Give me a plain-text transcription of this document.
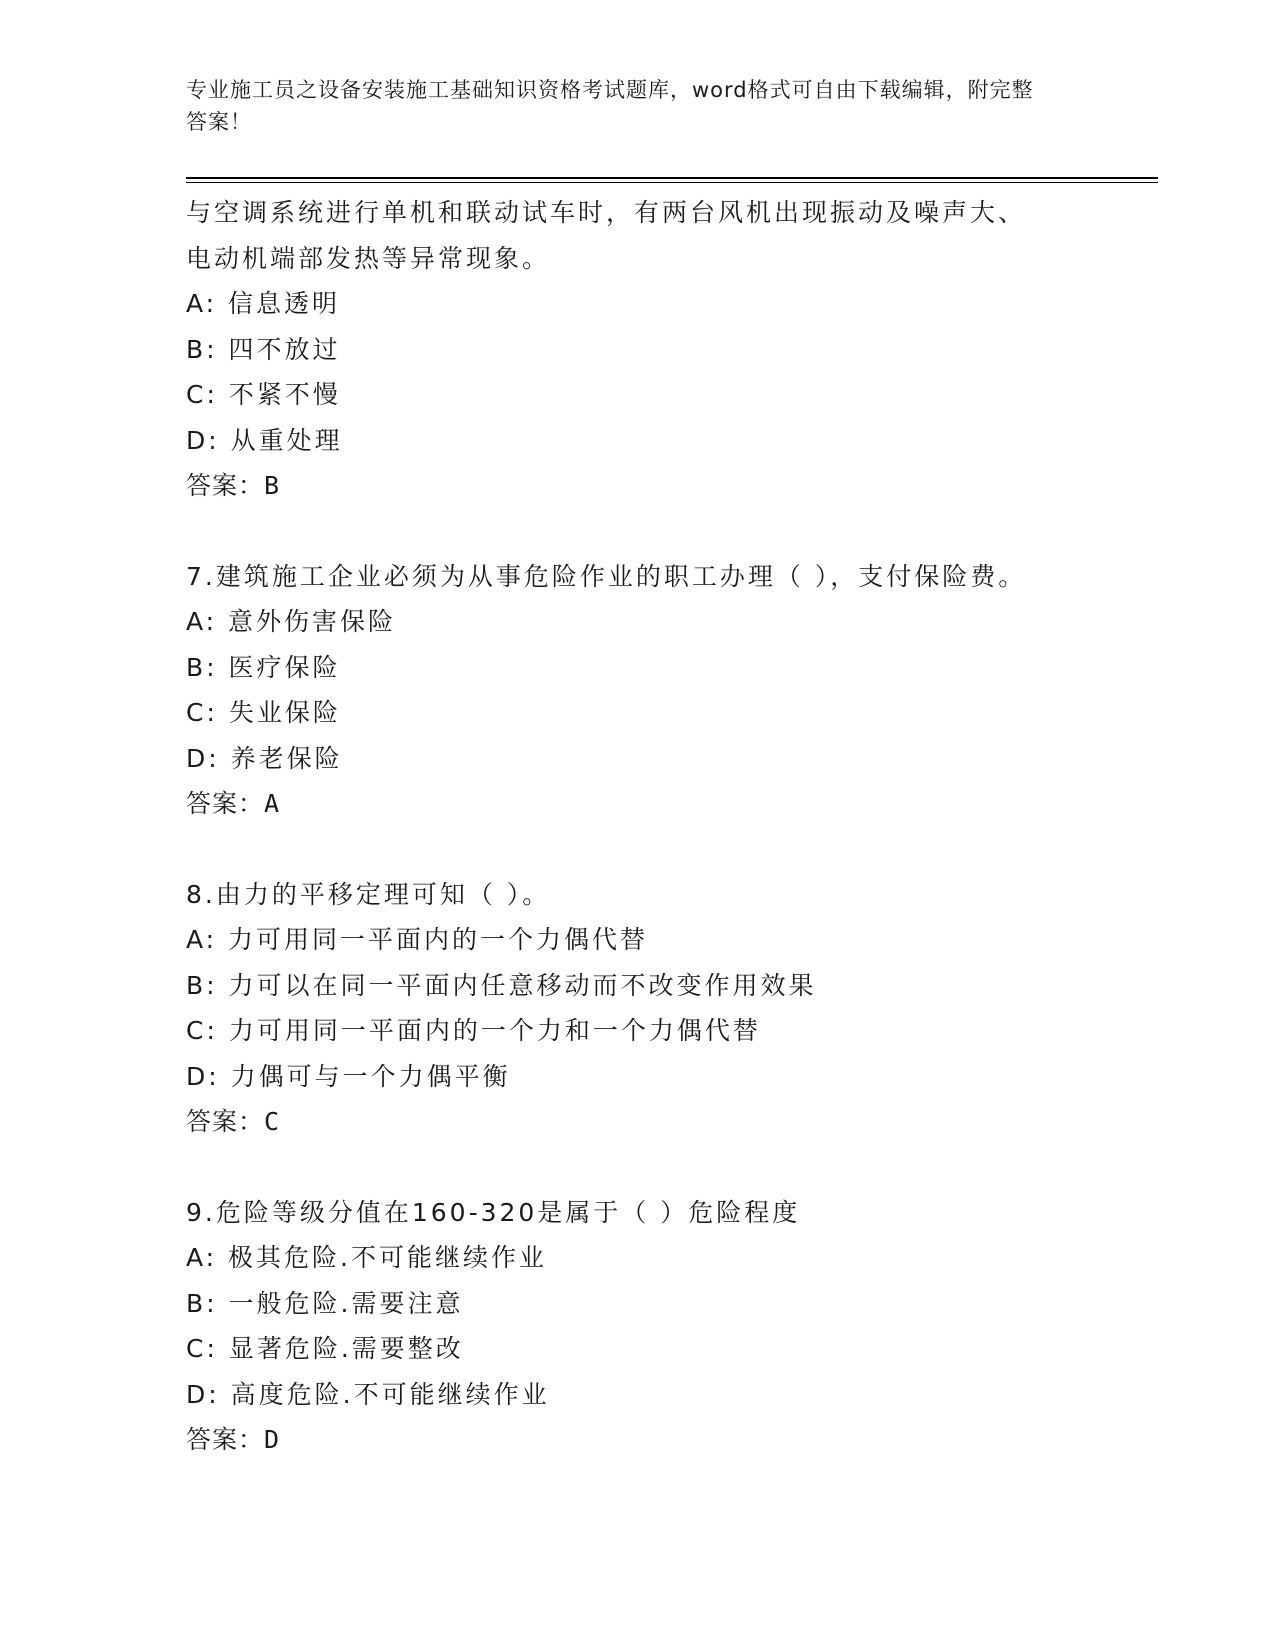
专业施工员之设备安装施工基础知识资格考试题库，word格式可自由下载编辑，附完整答案！
与空调系统进行单机和联动试车时，有两台风机出现振动及噪声大、
电动机端部发热等异常现象。
A: 信息透明
B: 四不放过
C: 不紧不慢
D: 从重处理
答案：B
7.建筑施工企业必须为从事危险作业的职工办理（ ），支付保险费。
A: 意外伤害保险
B: 医疗保险
C: 失业保险
D: 养老保险
答案：A
8.由力的平移定理可知（ ）。
A: 力可用同一平面内的一个力偶代替
B: 力可以在同一平面内任意移动而不改变作用效果
C: 力可用同一平面内的一个力和一个力偶代替
D: 力偶可与一个力偶平衡
答案：C
9.危险等级分值在160-320是属于（ ）危险程度
A: 极其危险.不可能继续作业
B: 一般危险.需要注意
C: 显著危险.需要整改
D: 高度危险.不可能继续作业
答案：D
